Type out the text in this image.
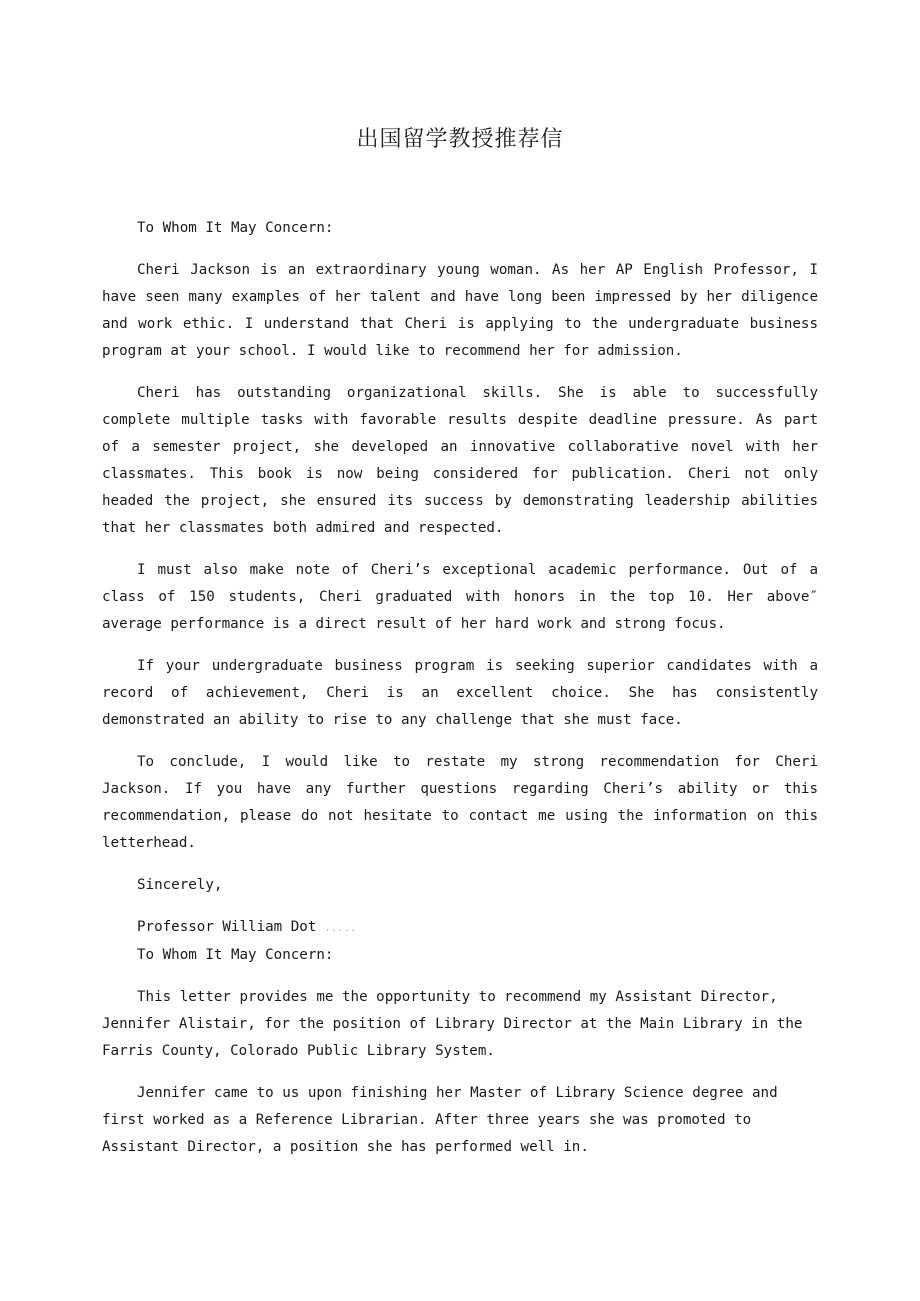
出国留学教授推荐信

To Whom It May Concern:

Cheri Jackson is an extraordinary young woman. As her AP English Professor, I have seen many examples of her talent and have long been impressed by her diligence and work ethic. I understand that Cheri is applying to the undergraduate business program at your school. I would like to recommend her for admission.

Cheri has outstanding organizational skills. She is able to successfully complete multiple tasks with favorable results despite deadline pressure. As part of a semester project, she developed an innovative collaborative novel with her classmates. This book is now being considered for publication. Cheri not only headed the project, she ensured its success by demonstrating leadership abilities that her classmates both admired and respected.

I must also make note of Cheri’s exceptional academic performance. Out of a class of 150 students, Cheri graduated with honors in the top 10. Her above″ average performance is a direct result of her hard work and strong focus.

If your undergraduate business program is seeking superior candidates with a record of achievement, Cheri is an excellent choice. She has consistently demonstrated an ability to rise to any challenge that she must face.

To conclude, I would like to restate my strong recommendation for Cheri Jackson. If you have any further questions regarding Cheri’s ability or this recommendation, please do not hesitate to contact me using the information on this letterhead.

Sincerely,

Professor William Dot .....

To Whom It May Concern:

This letter provides me the opportunity to recommend my Assistant Director, Jennifer Alistair, for the position of Library Director at the Main Library in the Farris County, Colorado Public Library System.

Jennifer came to us upon finishing her Master of Library Science degree and first worked as a Reference Librarian. After three years she was promoted to Assistant Director, a position she has performed well in.
